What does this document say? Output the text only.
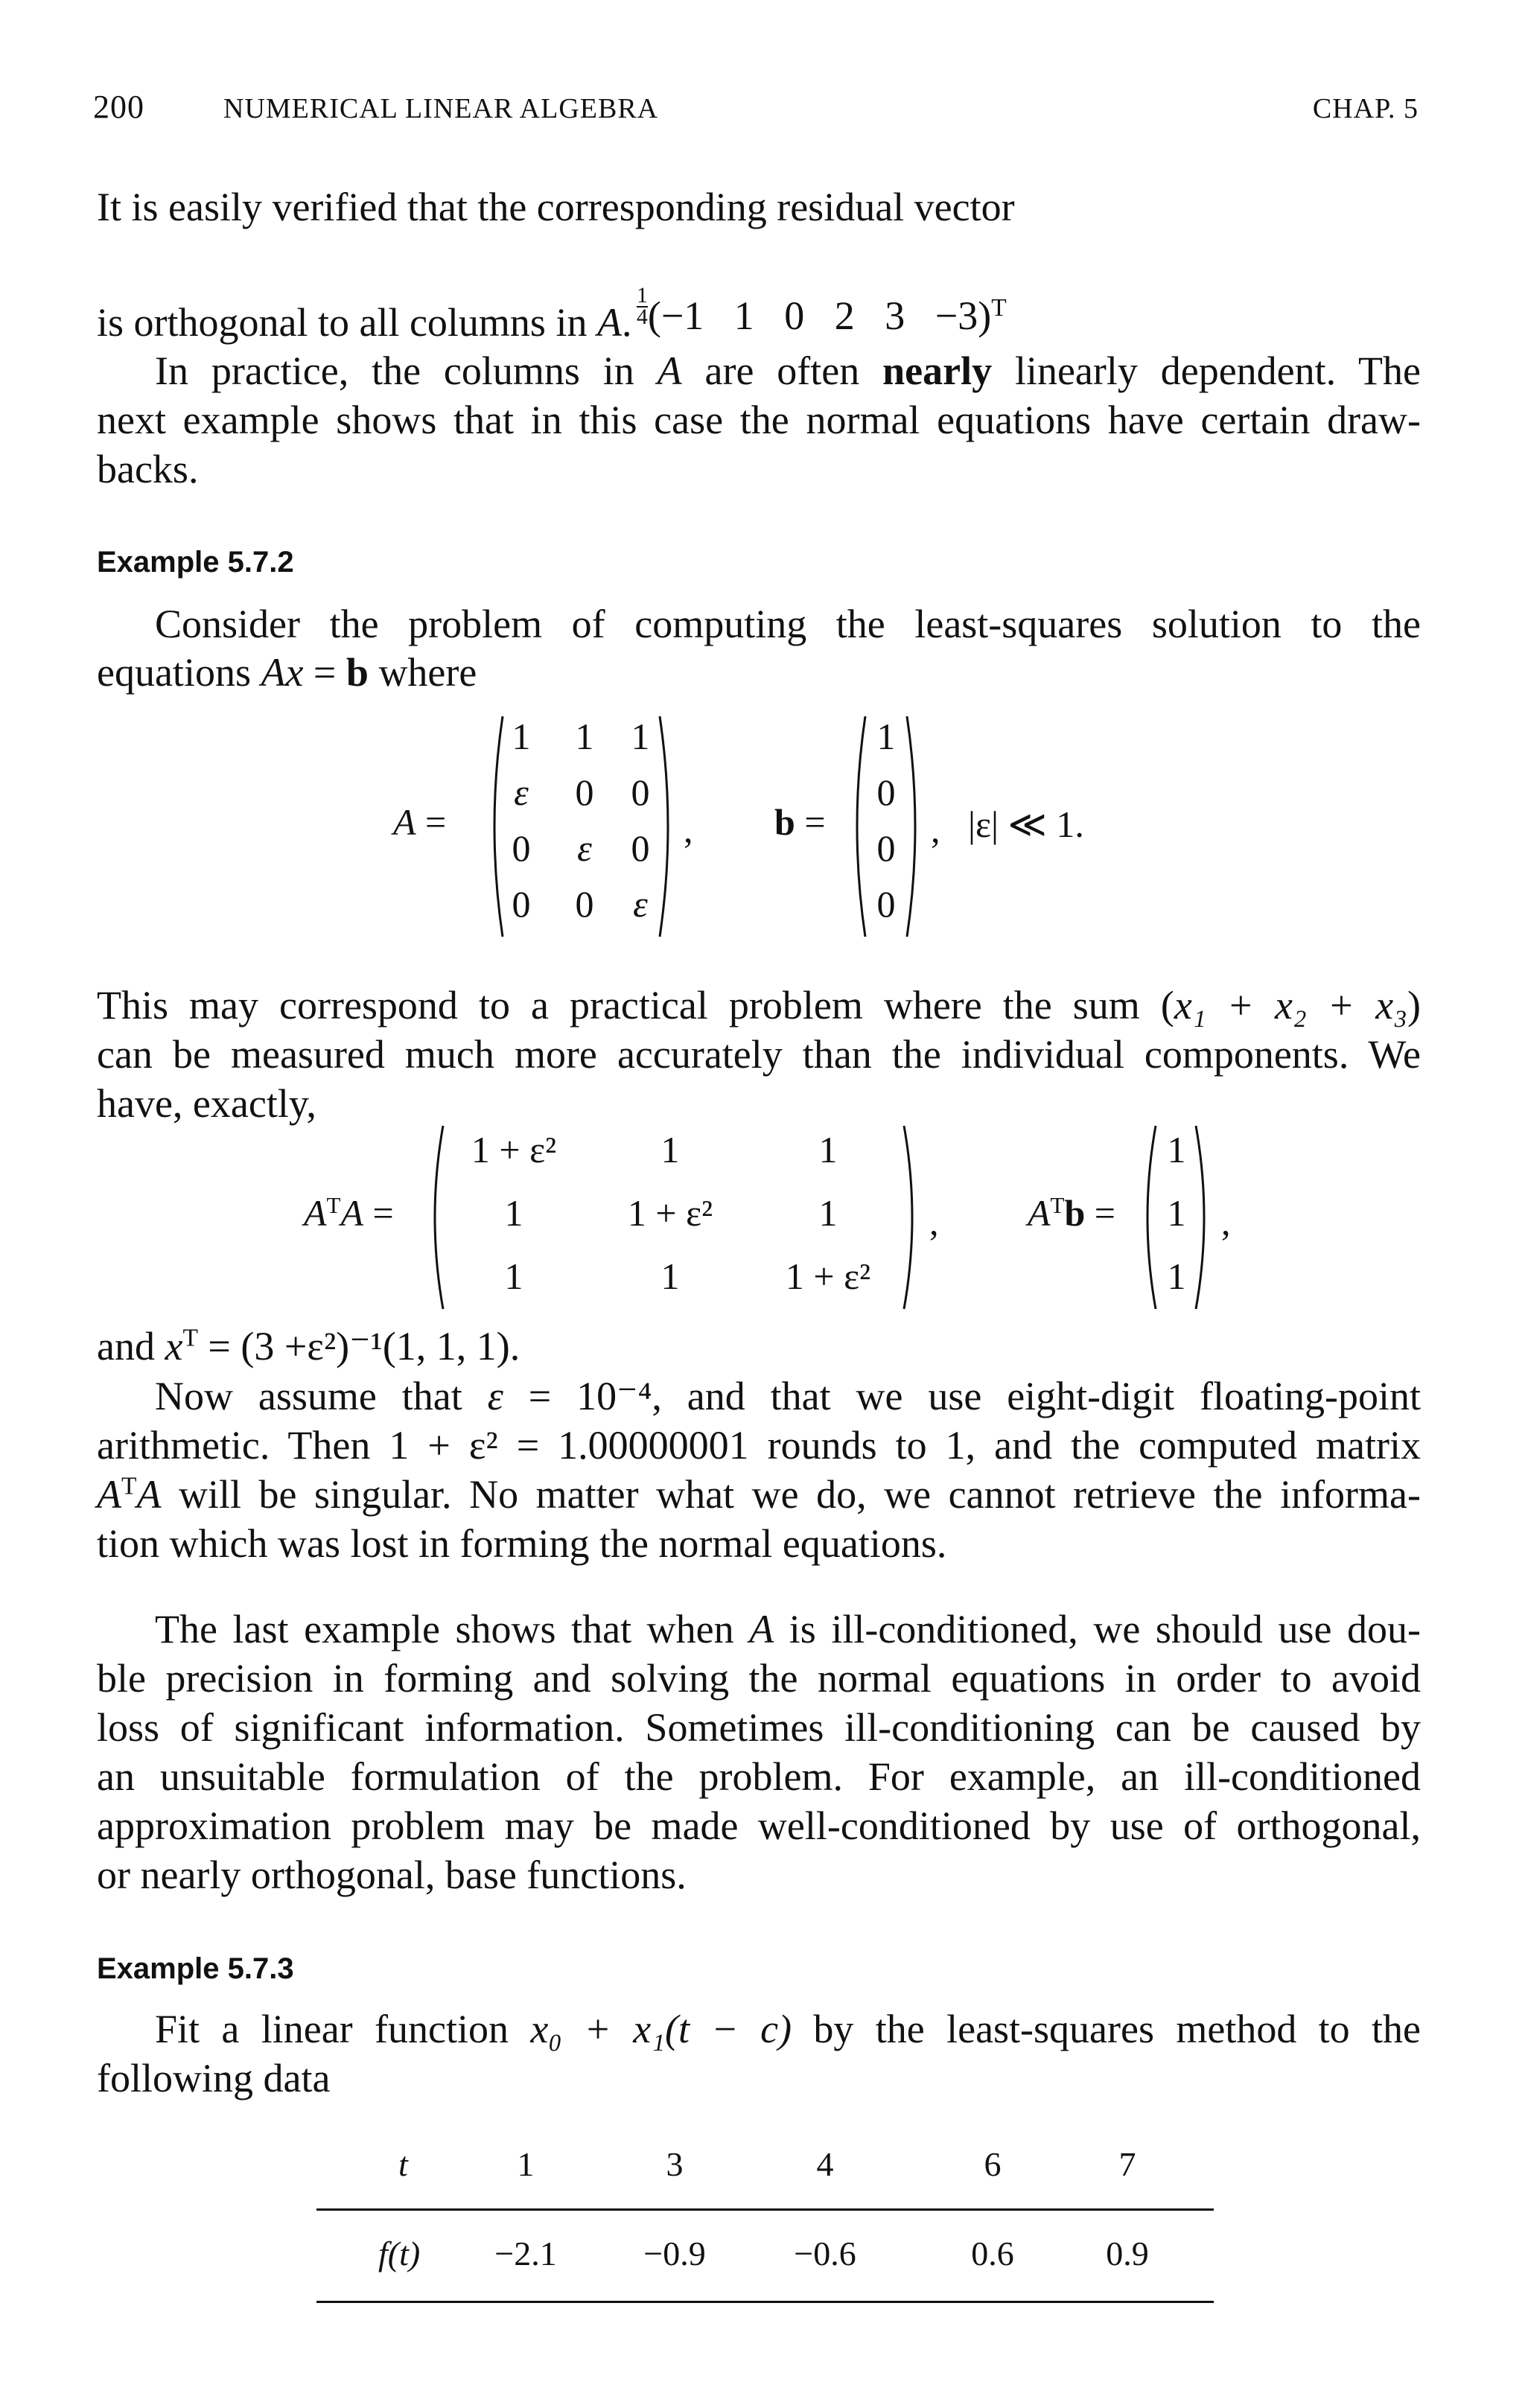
200	NUMERICAL LINEAR ALGEBRA	CHAP. 5
It is easily verified that the corresponding residual vector

$\frac{1}{4} (-1$   1   0   2   3   −3)$^T$

is orthogonal to all columns in A.
In practice, the columns in A are often nearly linearly dependent. The
next example shows that in this case the normal equations have certain draw-
backs.
Example 5.7.2
Consider the problem of computing the least-squares solution to the
equations Ax = b where
A =
1 1 1
ε 0 0
0 ε 0
0 0 ε
, b =
1
0
0
0
, |ε| ≪ 1.
This may correspond to a practical problem where the sum (x₁ + x₂ + x₃)
can be measured much more accurately than the individual components. We
have, exactly,
$A^TA$ =
1 + ε²	1	1
1	1 + ε²	1
1	1	1 + ε²
, $A^Tb$ =
1
1
1
,
and $x^T = (3 +\varepsilon^2)^{-1}(1$, 1, 1).
Now assume that ε = 10⁻⁴, and that we use eight-digit floating-point
arithmetic. Then 1 + ε² = 1.00000001 rounds to 1, and the computed matrix
$A^TA$ will be singular. No matter what we do, we cannot retrieve the informa-
tion which was lost in forming the normal equations.
The last example shows that when A is ill-conditioned, we should use dou-
ble precision in forming and solving the normal equations in order to avoid
loss of significant information. Sometimes ill-conditioning can be caused by
an unsuitable formulation of the problem. For example, an ill-conditioned
approximation problem may be made well-conditioned by use of orthogonal,
or nearly orthogonal, base functions.
Example 5.7.3
Fit a linear function x₀ + x₁(t − c) by the least-squares method to the
following data
t	1	3	4	6	7
f(t) −2.1	−0.9	−0.6	0.6	0.9
